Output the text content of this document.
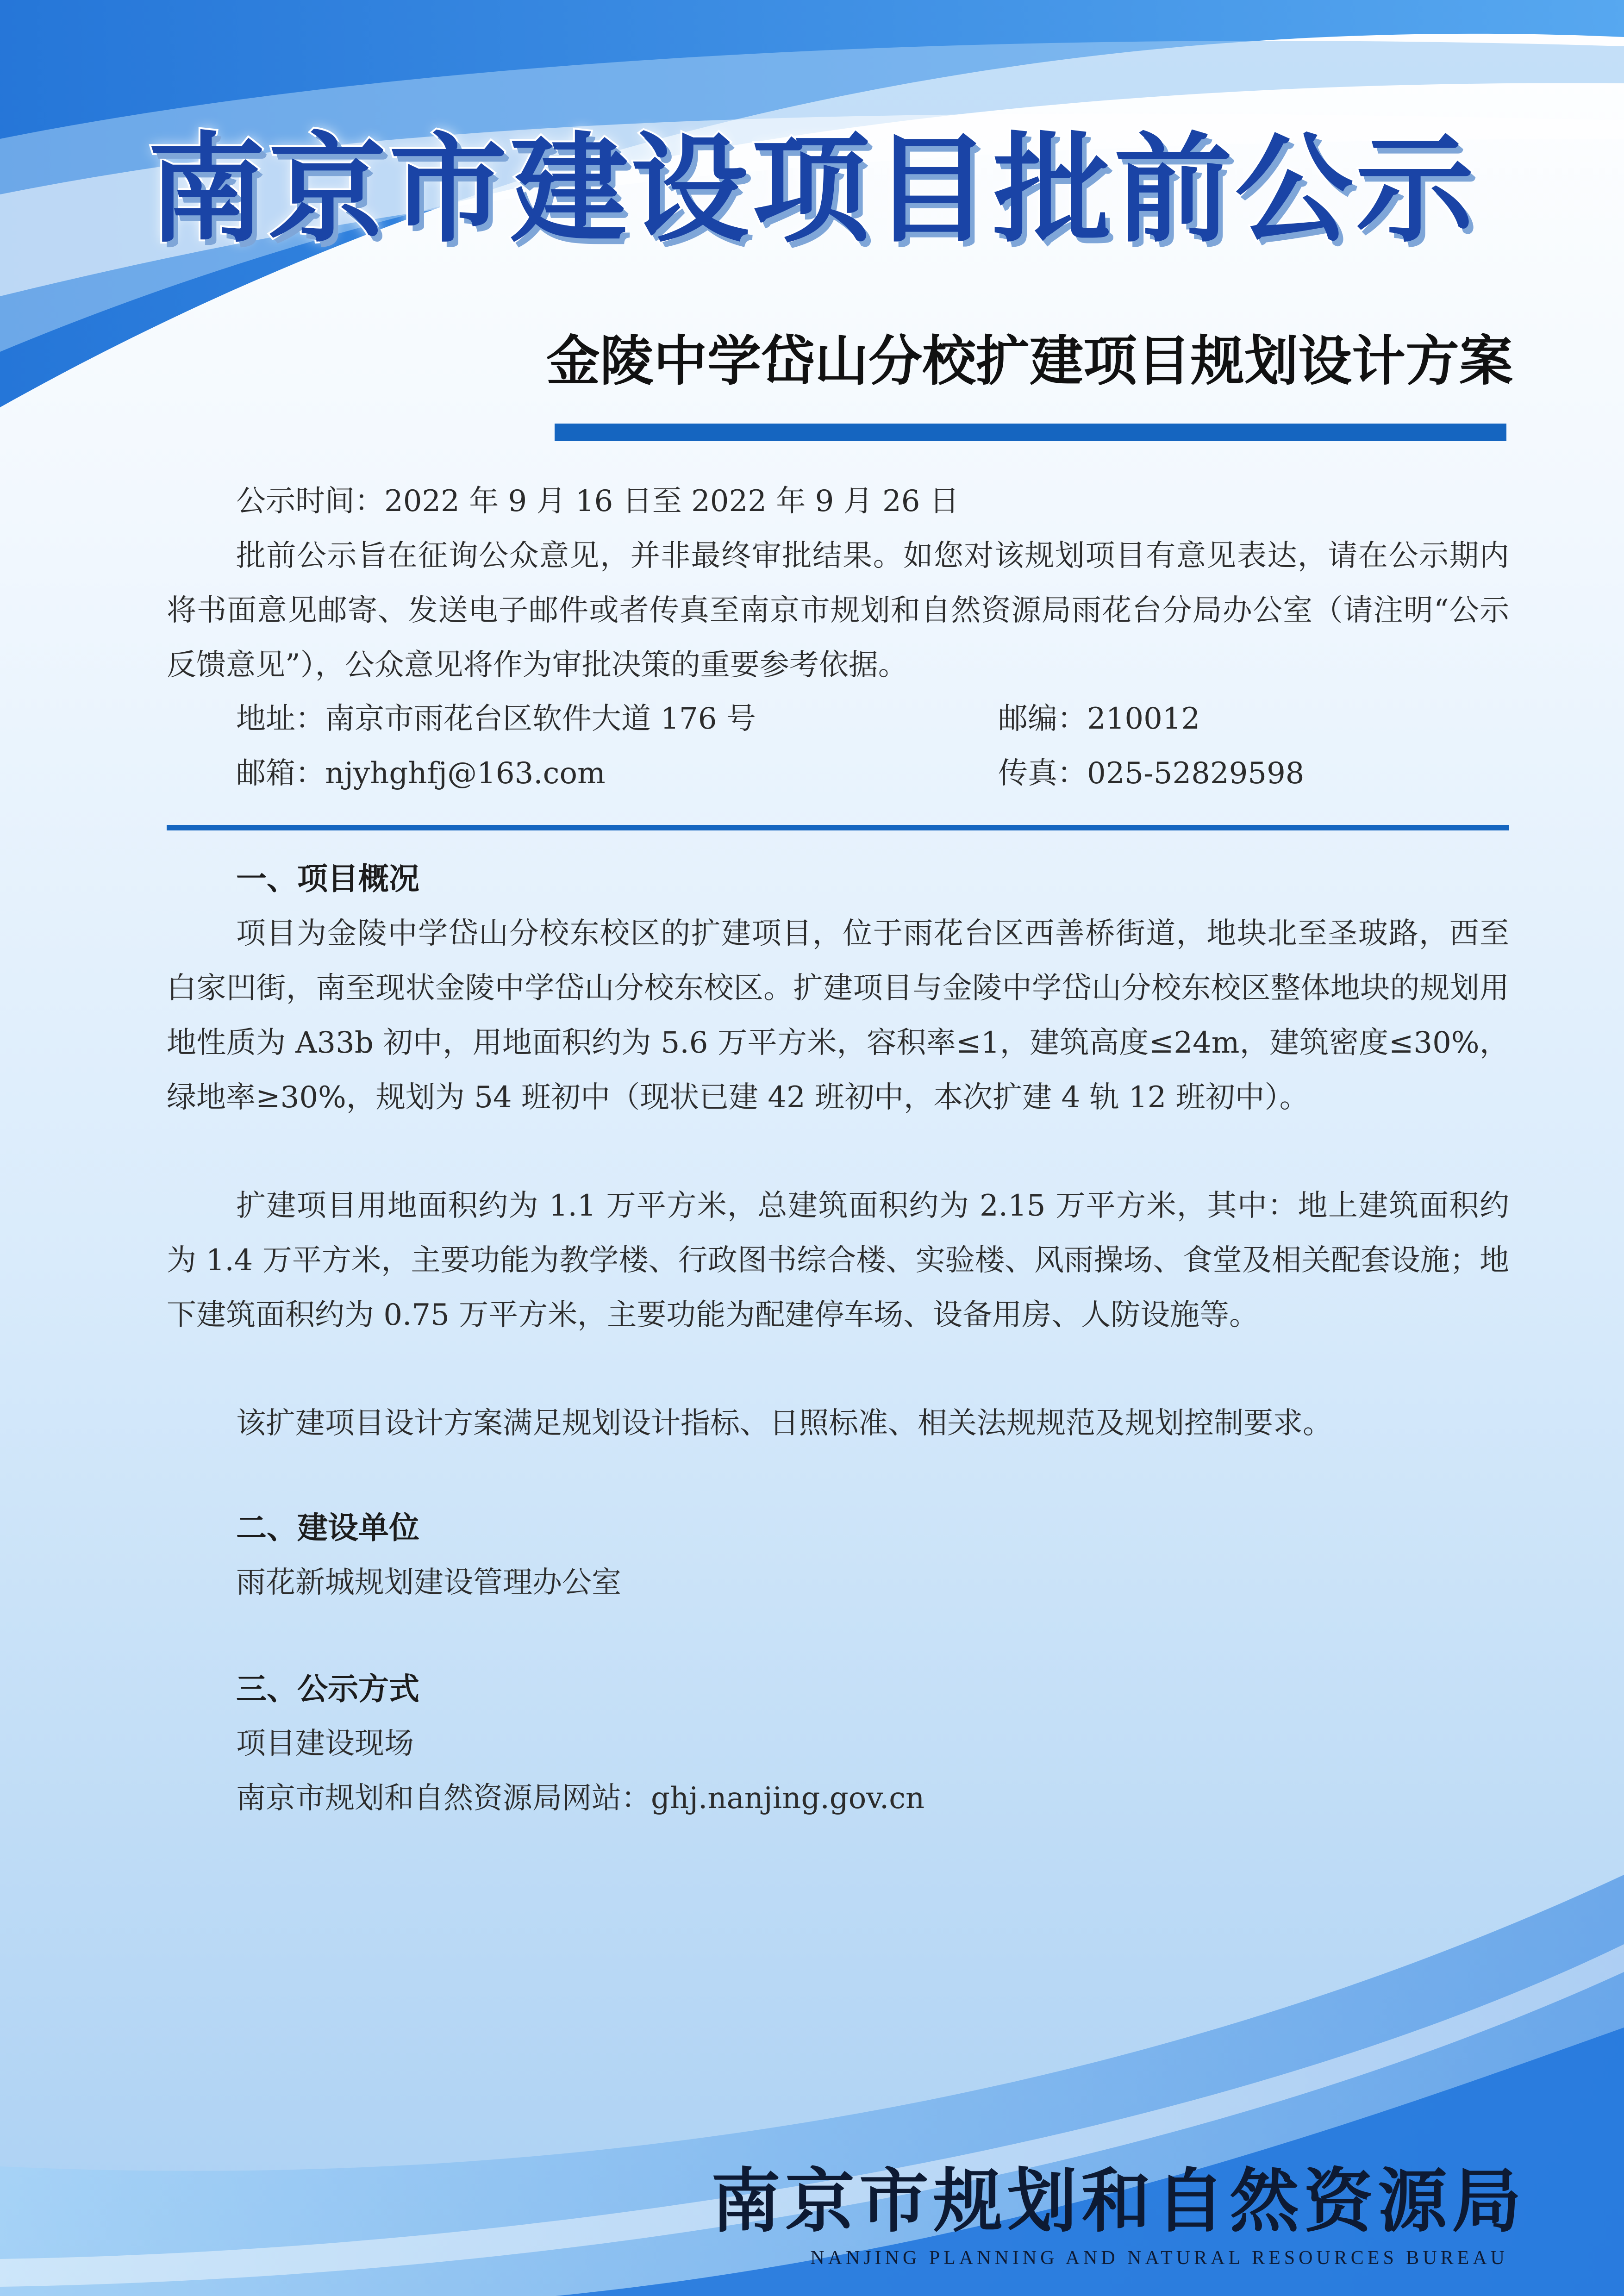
南京市建设项目批前公示
金陵中学岱山分校扩建项目规划设计方案
公示时间：2022 年 9 月 16 日至 2022 年 9 月 26 日
批前公示旨在征询公众意见，并非最终审批结果。如您对该规划项目有意见表达，请在公示期内将书面意见邮寄、发送电子邮件或者传真至南京市规划和自然资源局雨花台分局办公室（请注明“公示反馈意见”），公众意见将作为审批决策的重要参考依据。
地址：南京市雨花台区软件大道 176 号	邮编：210012
邮箱：njyhghfj@163.com	传真：025-52829598
一、项目概况
项目为金陵中学岱山分校东校区的扩建项目，位于雨花台区西善桥街道，地块北至圣玻路，西至白家凹街，南至现状金陵中学岱山分校东校区。扩建项目与金陵中学岱山分校东校区整体地块的规划用地性质为 A33b 初中，用地面积约为 5.6 万平方米，容积率≤1，建筑高度≤24m，建筑密度≤30%，绿地率≥30%，规划为 54 班初中（现状已建 42 班初中，本次扩建 4 轨 12 班初中）。
扩建项目用地面积约为 1.1 万平方米，总建筑面积约为 2.15 万平方米，其中：地上建筑面积约为 1.4 万平方米，主要功能为教学楼、行政图书综合楼、实验楼、风雨操场、食堂及相关配套设施；地下建筑面积约为 0.75 万平方米，主要功能为配建停车场、设备用房、人防设施等。
该扩建项目设计方案满足规划设计指标、日照标准、相关法规规范及规划控制要求。
二、建设单位
雨花新城规划建设管理办公室
三、公示方式
项目建设现场
南京市规划和自然资源局网站：ghj.nanjing.gov.cn
南京市规划和自然资源局
NANJING PLANNING AND NATURAL RESOURCES BUREAU
